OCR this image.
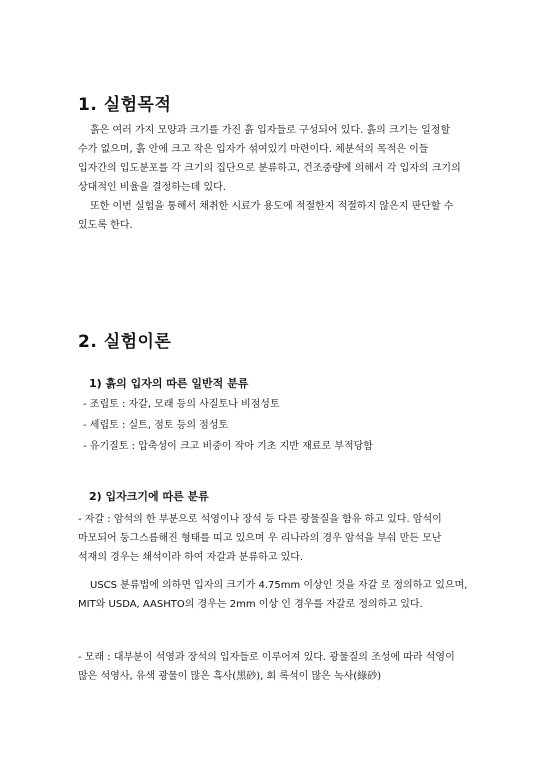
1. 실험목적

흙은 여러 가지 모양과 크기를 가진 흙 입자들로 구성되어 있다. 흙의 크기는 일정할 수가 없으며, 흙 안에 크고 작은 입자가 섞여있기 마련이다. 체분석의 목적은 이들 입자간의 입도분포를 각 크기의 집단으로 분류하고, 건조중량에 의해서 각 입자의 크기의 상대적인 비율을 결정하는데 있다.

또한 이번 실험을 통해서 채취한 시료가 용도에 적절한지 적절하지 않은지 판단할 수 있도록 한다.

2. 실험이론
1) 흙의 입자의 따른 일반적 분류
- 조립토 : 자갈, 모래 등의 사질토나 비점성토
- 세립토 : 실트, 점토 등의 점성토
- 유기질토 : 압축성이 크고 비중이 작아 기초 지반 재료로 부적당함
2) 입자크기에 따른 분류

- 자갈 : 암석의 한 부분으로 석영이나 장석 등 다른 광물질을 함유 하고 있다. 암석이 마모되어 둥그스름해진 형태를 띠고 있으며 우 리나라의 경우 암석을 부숴 만든 모난 석재의 경우는 쇄석이라 하여 자갈과 분류하고 있다.

USCS 분류법에 의하면 입자의 크기가 4.75mm 이상인 것을 자갈 로 정의하고 있으며, MIT와 USDA, AASHTO의 경우는 2mm 이상 인 경우를 자갈로 정의하고 있다.

- 모래 : 대부분이 석영과 장석의 입자들로 이루어져 있다. 광물질의 조성에 따라 석영이 많은 석영사, 유색 광물이 많은 흑사(黑砂), 회 록석이 많은 녹사(綠砂)
